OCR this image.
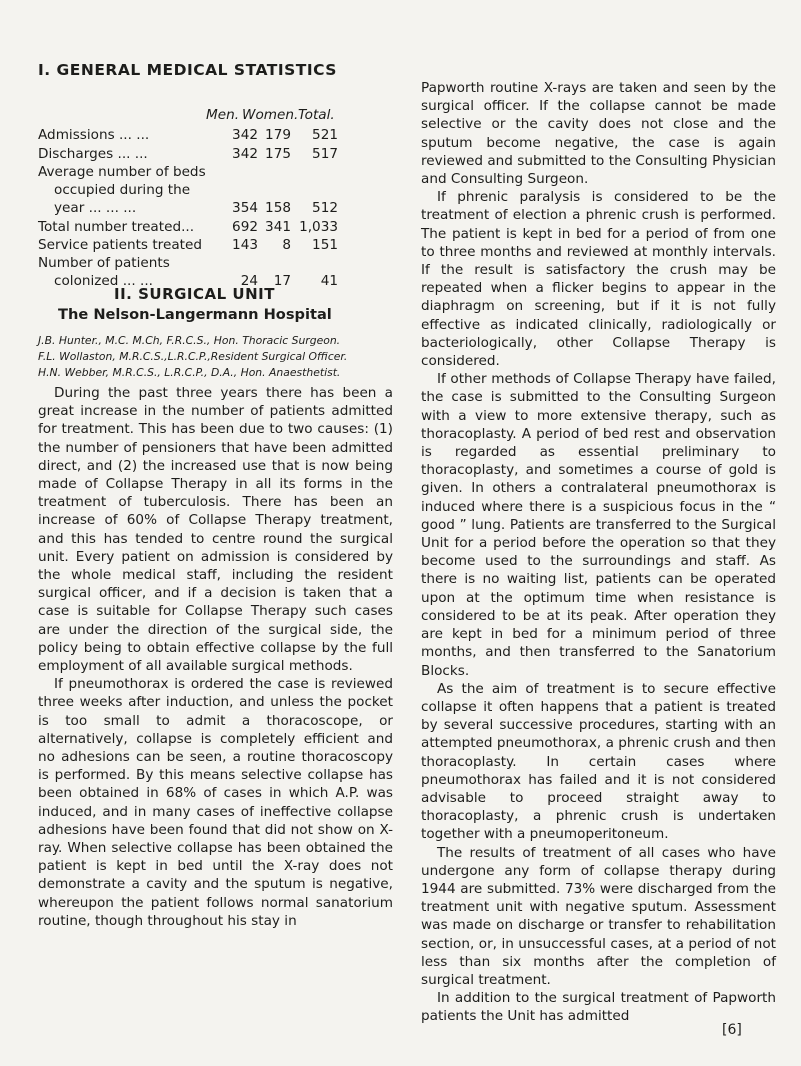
I. GENERAL MEDICAL STATISTICS
Men. Women. Total.
Admissions ... ...	342 179 521
Discharges ... ...	342 175 517
Average number of beds
occupied during the
year ... ... ...	354 158 512
Total number treated...	692 341 1,033
Service patients treated 143 8 151
Number of patients
colonized ... ...	24 17 41
II. SURGICAL UNIT
The Nelson-Langermann Hospital
J.B. Hunter., M.C. M.Ch, F.R.C.S., Hon. Thoracic Surgeon.
F.L. Wollaston, M.R.C.S.,L.R.C.P.,Resident Surgical Officer.
H.N. Webber, M.R.C.S., L.R.C.P., D.A., Hon. Anaesthetist.

During the past three years there has been a great increase in the number of patients admitted for treatment. This has been due to two causes: (1) the number of pensioners that have been admitted direct, and (2) the increased use that is now being made of Collapse Therapy in all its forms in the treatment of tuberculosis. There has been an increase of 60% of Collapse Therapy treatment, and this has tended to centre round the surgical unit. Every patient on admission is considered by the whole medical staff, including the resident surgical officer, and if a decision is taken that a case is suitable for Collapse Therapy such cases are under the direction of the surgical side, the policy being to obtain effective collapse by the full employment of all available surgical methods.

If pneumothorax is ordered the case is reviewed three weeks after induction, and unless the pocket is too small to admit a thoracoscope, or alternatively, collapse is completely efficient and no adhesions can be seen, a routine thoracoscopy is performed. By this means selective collapse has been obtained in 68% of cases in which A.P. was induced, and in many cases of ineffective collapse adhesions have been found that did not show on X-ray. When selective collapse has been obtained the patient is kept in bed until the X-ray does not demonstrate a cavity and the sputum is negative, whereupon the patient follows normal sanatorium routine, though throughout his stay in

Papworth routine X-rays are taken and seen by the surgical officer. If the collapse cannot be made selective or the cavity does not close and the sputum become negative, the case is again reviewed and submitted to the Consulting Physician and Consulting Surgeon.

If phrenic paralysis is considered to be the treatment of election a phrenic crush is performed. The patient is kept in bed for a period of from one to three months and reviewed at monthly intervals. If the result is satisfactory the crush may be repeated when a flicker begins to appear in the diaphragm on screening, but if it is not fully effective as indicated clinically, radiologically or bacteriologically, other Collapse Therapy is considered.

If other methods of Collapse Therapy have failed, the case is submitted to the Consulting Surgeon with a view to more extensive therapy, such as thoracoplasty. A period of bed rest and observation is regarded as essential preliminary to thoracoplasty, and sometimes a course of gold is given. In others a contralateral pneumothorax is induced where there is a suspicious focus in the “ good ” lung. Patients are transferred to the Surgical Unit for a period before the operation so that they become used to the surroundings and staff. As there is no waiting list, patients can be operated upon at the optimum time when resistance is considered to be at its peak. After operation they are kept in bed for a minimum period of three months, and then transferred to the Sanatorium Blocks.

As the aim of treatment is to secure effective collapse it often happens that a patient is treated by several successive procedures, starting with an attempted pneumothorax, a phrenic crush and then thoracoplasty. In certain cases where pneumothorax has failed and it is not considered advisable to proceed straight away to thoracoplasty, a phrenic crush is undertaken together with a pneumoperitoneum.

The results of treatment of all cases who have undergone any form of collapse therapy during 1944 are submitted. 73% were discharged from the treatment unit with negative sputum. Assessment was made on discharge or transfer to rehabilitation section, or, in unsuccessful cases, at a period of not less than six months after the completion of surgical treatment.

In addition to the surgical treatment of Papworth patients the Unit has admitted

[6]
